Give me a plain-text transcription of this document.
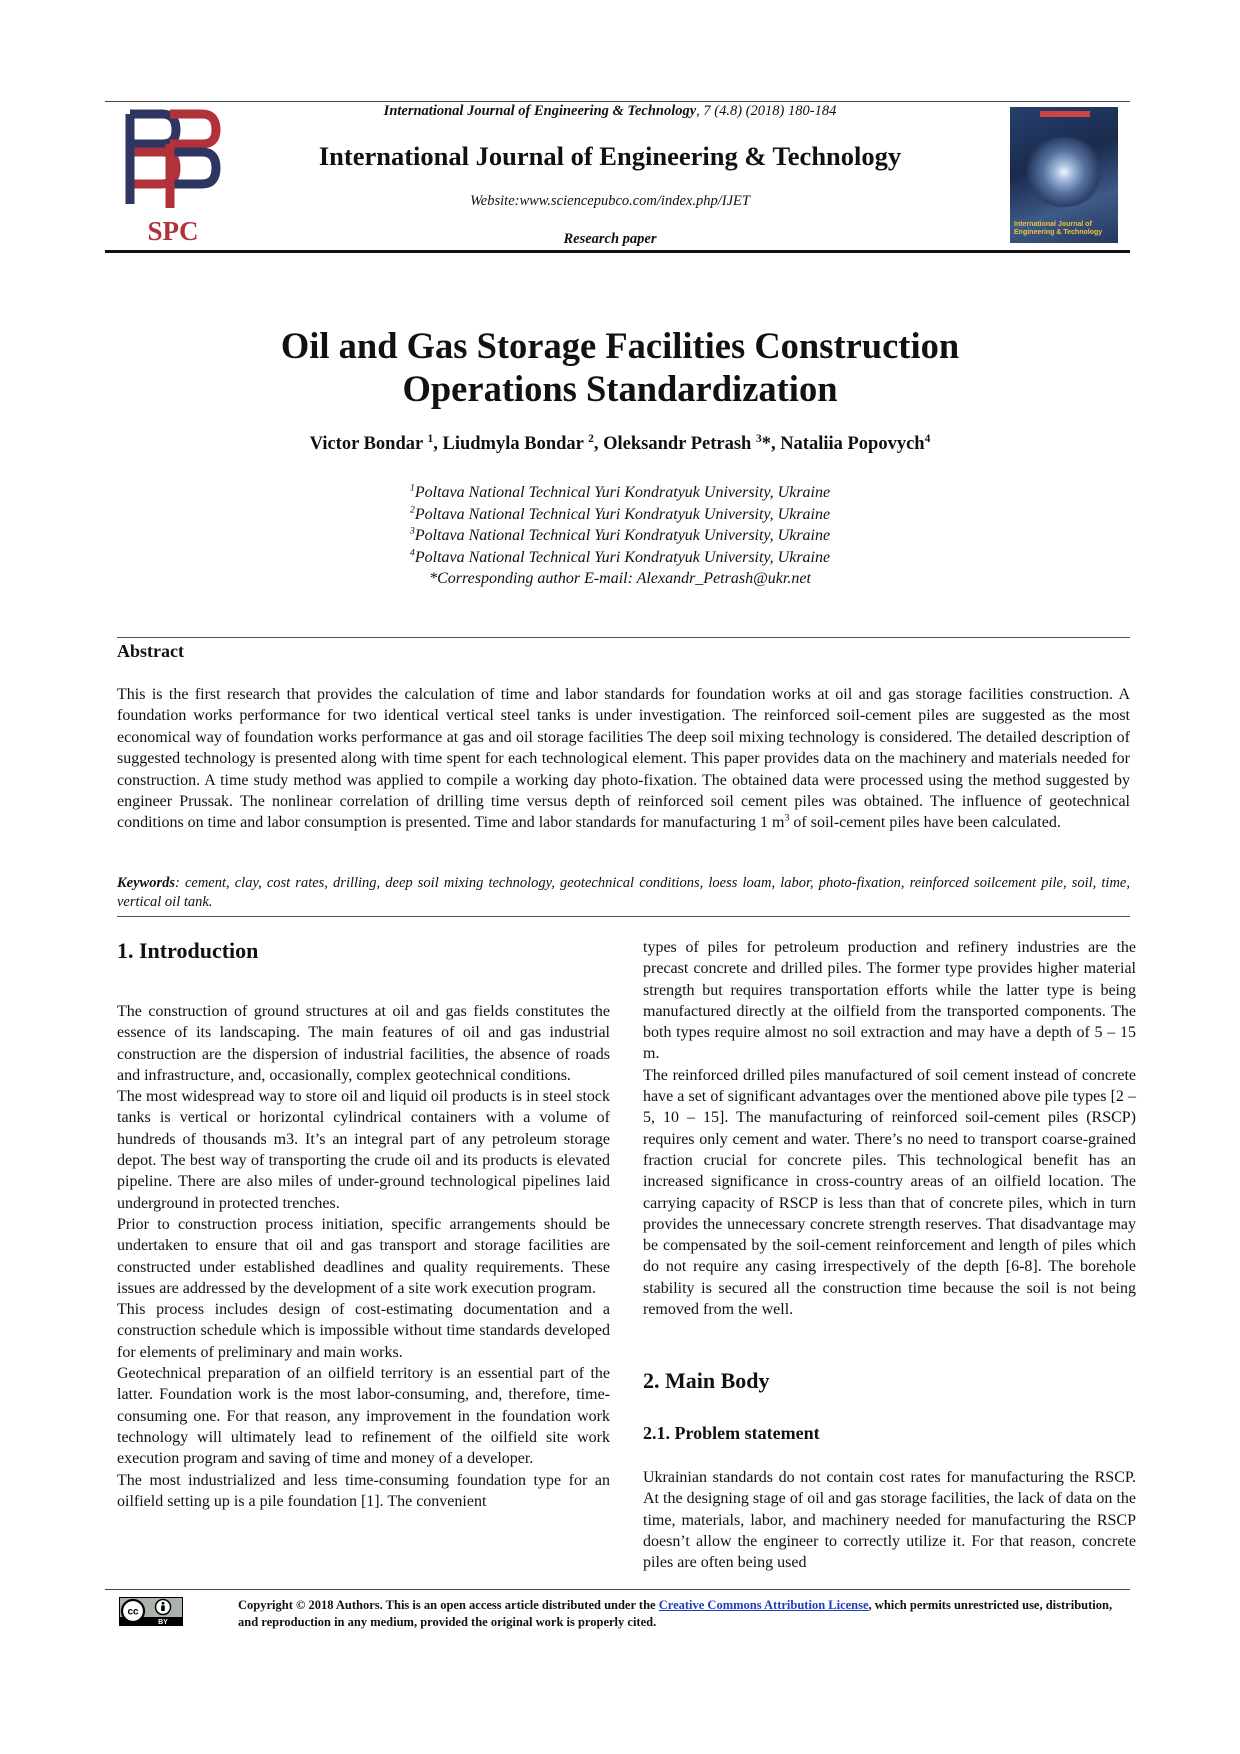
SPC
International Journal of Engineering & Technology, 7 (4.8) (2018) 180-184
International Journal of Engineering & Technology
Website:www.sciencepubco.com/index.php/IJET
Research paper
International Journal of Engineering & Technology
Oil and Gas Storage Facilities Construction
Operations Standardization
Victor Bondar $^1$, Liudmyla Bondar $^2$, Oleksandr Petrash $^3$*, Nataliia Popovych$^4$
$^1$Poltava National Technical Yuri Kondratyuk University, Ukraine
$^2$Poltava National Technical Yuri Kondratyuk University, Ukraine
$^3$Poltava National Technical Yuri Kondratyuk University, Ukraine
$^4$Poltava National Technical Yuri Kondratyuk University, Ukraine
*Corresponding author E-mail: Alexandr_Petrash@ukr.net
Abstract

This is the first research that provides the calculation of time and labor standards for foundation works at oil and gas storage facilities construction. A foundation works performance for two identical vertical steel tanks is under investigation. The reinforced soil-cement piles are suggested as the most economical way of foundation works performance at gas and oil storage facilities The deep soil mixing technology is considered. The detailed description of suggested technology is presented along with time spent for each technological element. This paper provides data on the machinery and materials needed for construction. A time study method was applied to compile a working day photo-fixation. The obtained data were processed using the method suggested by engineer Prussak. The nonlinear correlation of drilling time versus depth of reinforced soil cement piles was obtained. The influence of geotechnical conditions on time and labor consumption is presented. Time and labor standards for manufacturing 1 $m^3$ of soil-cement piles have been calculated.

Keywords: cement, clay, cost rates, drilling, deep soil mixing technology, geotechnical conditions, loess loam, labor, photo-fixation, reinforced soilcement pile, soil, time, vertical oil tank.

1. Introduction

The construction of ground structures at oil and gas fields constitutes the essence of its landscaping. The main features of oil and gas industrial construction are the dispersion of industrial facilities, the absence of roads and infrastructure, and, occasionally, complex geotechnical conditions.

The most widespread way to store oil and liquid oil products is in steel stock tanks is vertical or horizontal cylindrical containers with a volume of hundreds of thousands m3. It’s an integral part of any petroleum storage depot. The best way of transporting the crude oil and its products is elevated pipeline. There are also miles of under-ground technological pipelines laid underground in protected trenches.

Prior to construction process initiation, specific arrangements should be undertaken to ensure that oil and gas transport and storage facilities are constructed under established deadlines and quality requirements. These issues are addressed by the development of a site work execution program.

This process includes design of cost-estimating documentation and a construction schedule which is impossible without time standards developed for elements of preliminary and main works.

Geotechnical preparation of an oilfield territory is an essential part of the latter. Foundation work is the most labor-consuming, and, therefore, time-consuming one. For that reason, any improvement in the foundation work technology will ultimately lead to refinement of the oilfield site work execution program and saving of time and money of a developer.

The most industrialized and less time-consuming foundation type for an oilfield setting up is a pile foundation [1]. The convenient

types of piles for petroleum production and refinery industries are the precast concrete and drilled piles. The former type provides higher material strength but requires transportation efforts while the latter type is being manufactured directly at the oilfield from the transported components. The both types require almost no soil extraction and may have a depth of 5 – 15 m.

The reinforced drilled piles manufactured of soil cement instead of concrete have a set of significant advantages over the mentioned above pile types [2 – 5, 10 – 15]. The manufacturing of reinforced soil-cement piles (RSCP) requires only cement and water. There’s no need to transport coarse-grained fraction crucial for concrete piles. This technological benefit has an increased significance in cross-country areas of an oilfield location. The carrying capacity of RSCP is less than that of concrete piles, which in turn provides the unnecessary concrete strength reserves. That disadvantage may be compensated by the soil-cement reinforcement and length of piles which do not require any casing irrespectively of the depth [6-8]. The borehole stability is secured all the construction time because the soil is not being removed from the well.

2. Main Body
2.1. Problem statement

Ukrainian standards do not contain cost rates for manufacturing the RSCP. At the designing stage of oil and gas storage facilities, the lack of data on the time, materials, labor, and machinery needed for manufacturing the RSCP doesn’t allow the engineer to correctly utilize it. For that reason, concrete piles are often being used

cc
BY

Copyright © 2018 Authors. This is an open access article distributed under the Creative Commons Attribution License, which permits unrestricted use, distribution, and reproduction in any medium, provided the original work is properly cited.
